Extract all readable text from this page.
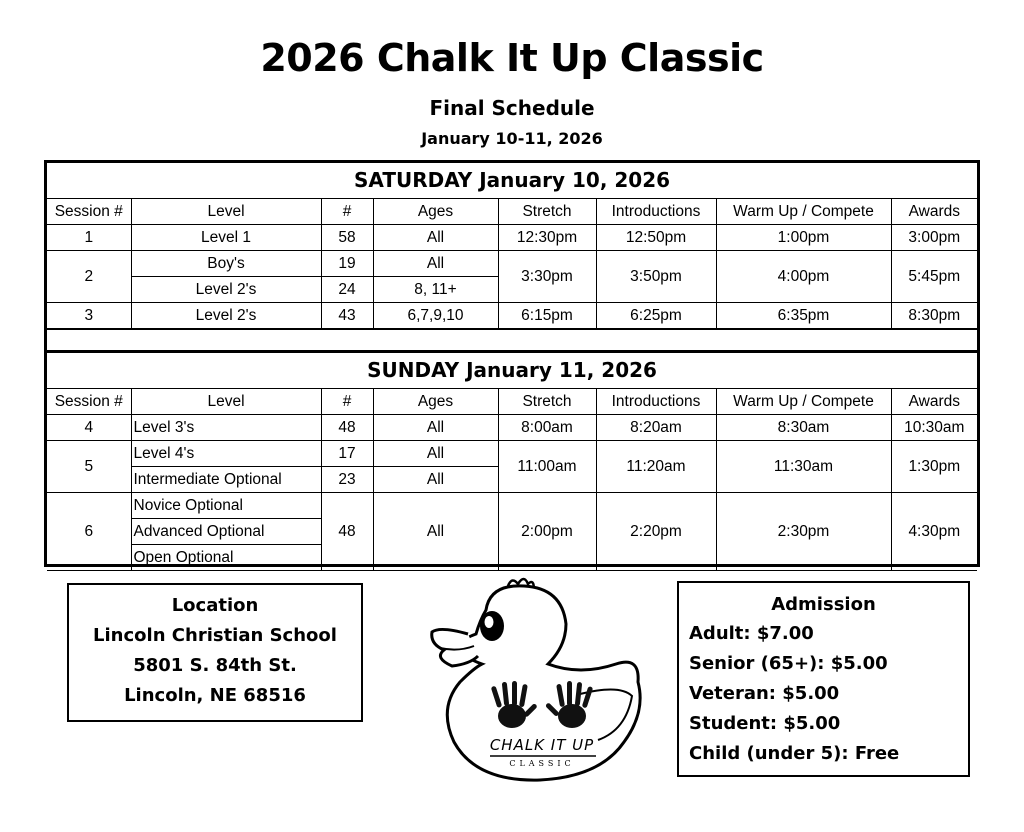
2026 Chalk It Up Classic
Final Schedule
January 10-11, 2026
SATURDAY January 10, 2026							
Session #	Level	#	Ages	Stretch	Introductions	Warm Up / Compete	Awards
1	Level 1	58	All	12:30pm	12:50pm	1:00pm	3:00pm
2	Boy's	19	All	3:30pm	3:50pm	4:00pm	5:45pm
	Level 2's	24	8, 11+				
3	Level 2's	43	6,7,9,10	6:15pm	6:25pm	6:35pm	8:30pm
SUNDAY January 11, 2026							
Session #	Level	#	Ages	Stretch	Introductions	Warm Up / Compete	Awards
4	Level 3's	48	All	8:00am	8:20am	8:30am	10:30am
5	Level 4's	17	All	11:00am	11:20am	11:30am	1:30pm
	Intermediate Optional	23	All				
6	Novice Optional	48	All	2:00pm	2:20pm	2:30pm	4:30pm
	Advanced Optional						
	Open Optional						
Location
Lincoln Christian School
5801 S. 84th St.
Lincoln, NE 68516
CHALK IT UP
CLASSIC
Admission
Adult: $7.00
Senior (65+): $5.00
Veteran: $5.00
Student: $5.00
Child (under 5): Free
